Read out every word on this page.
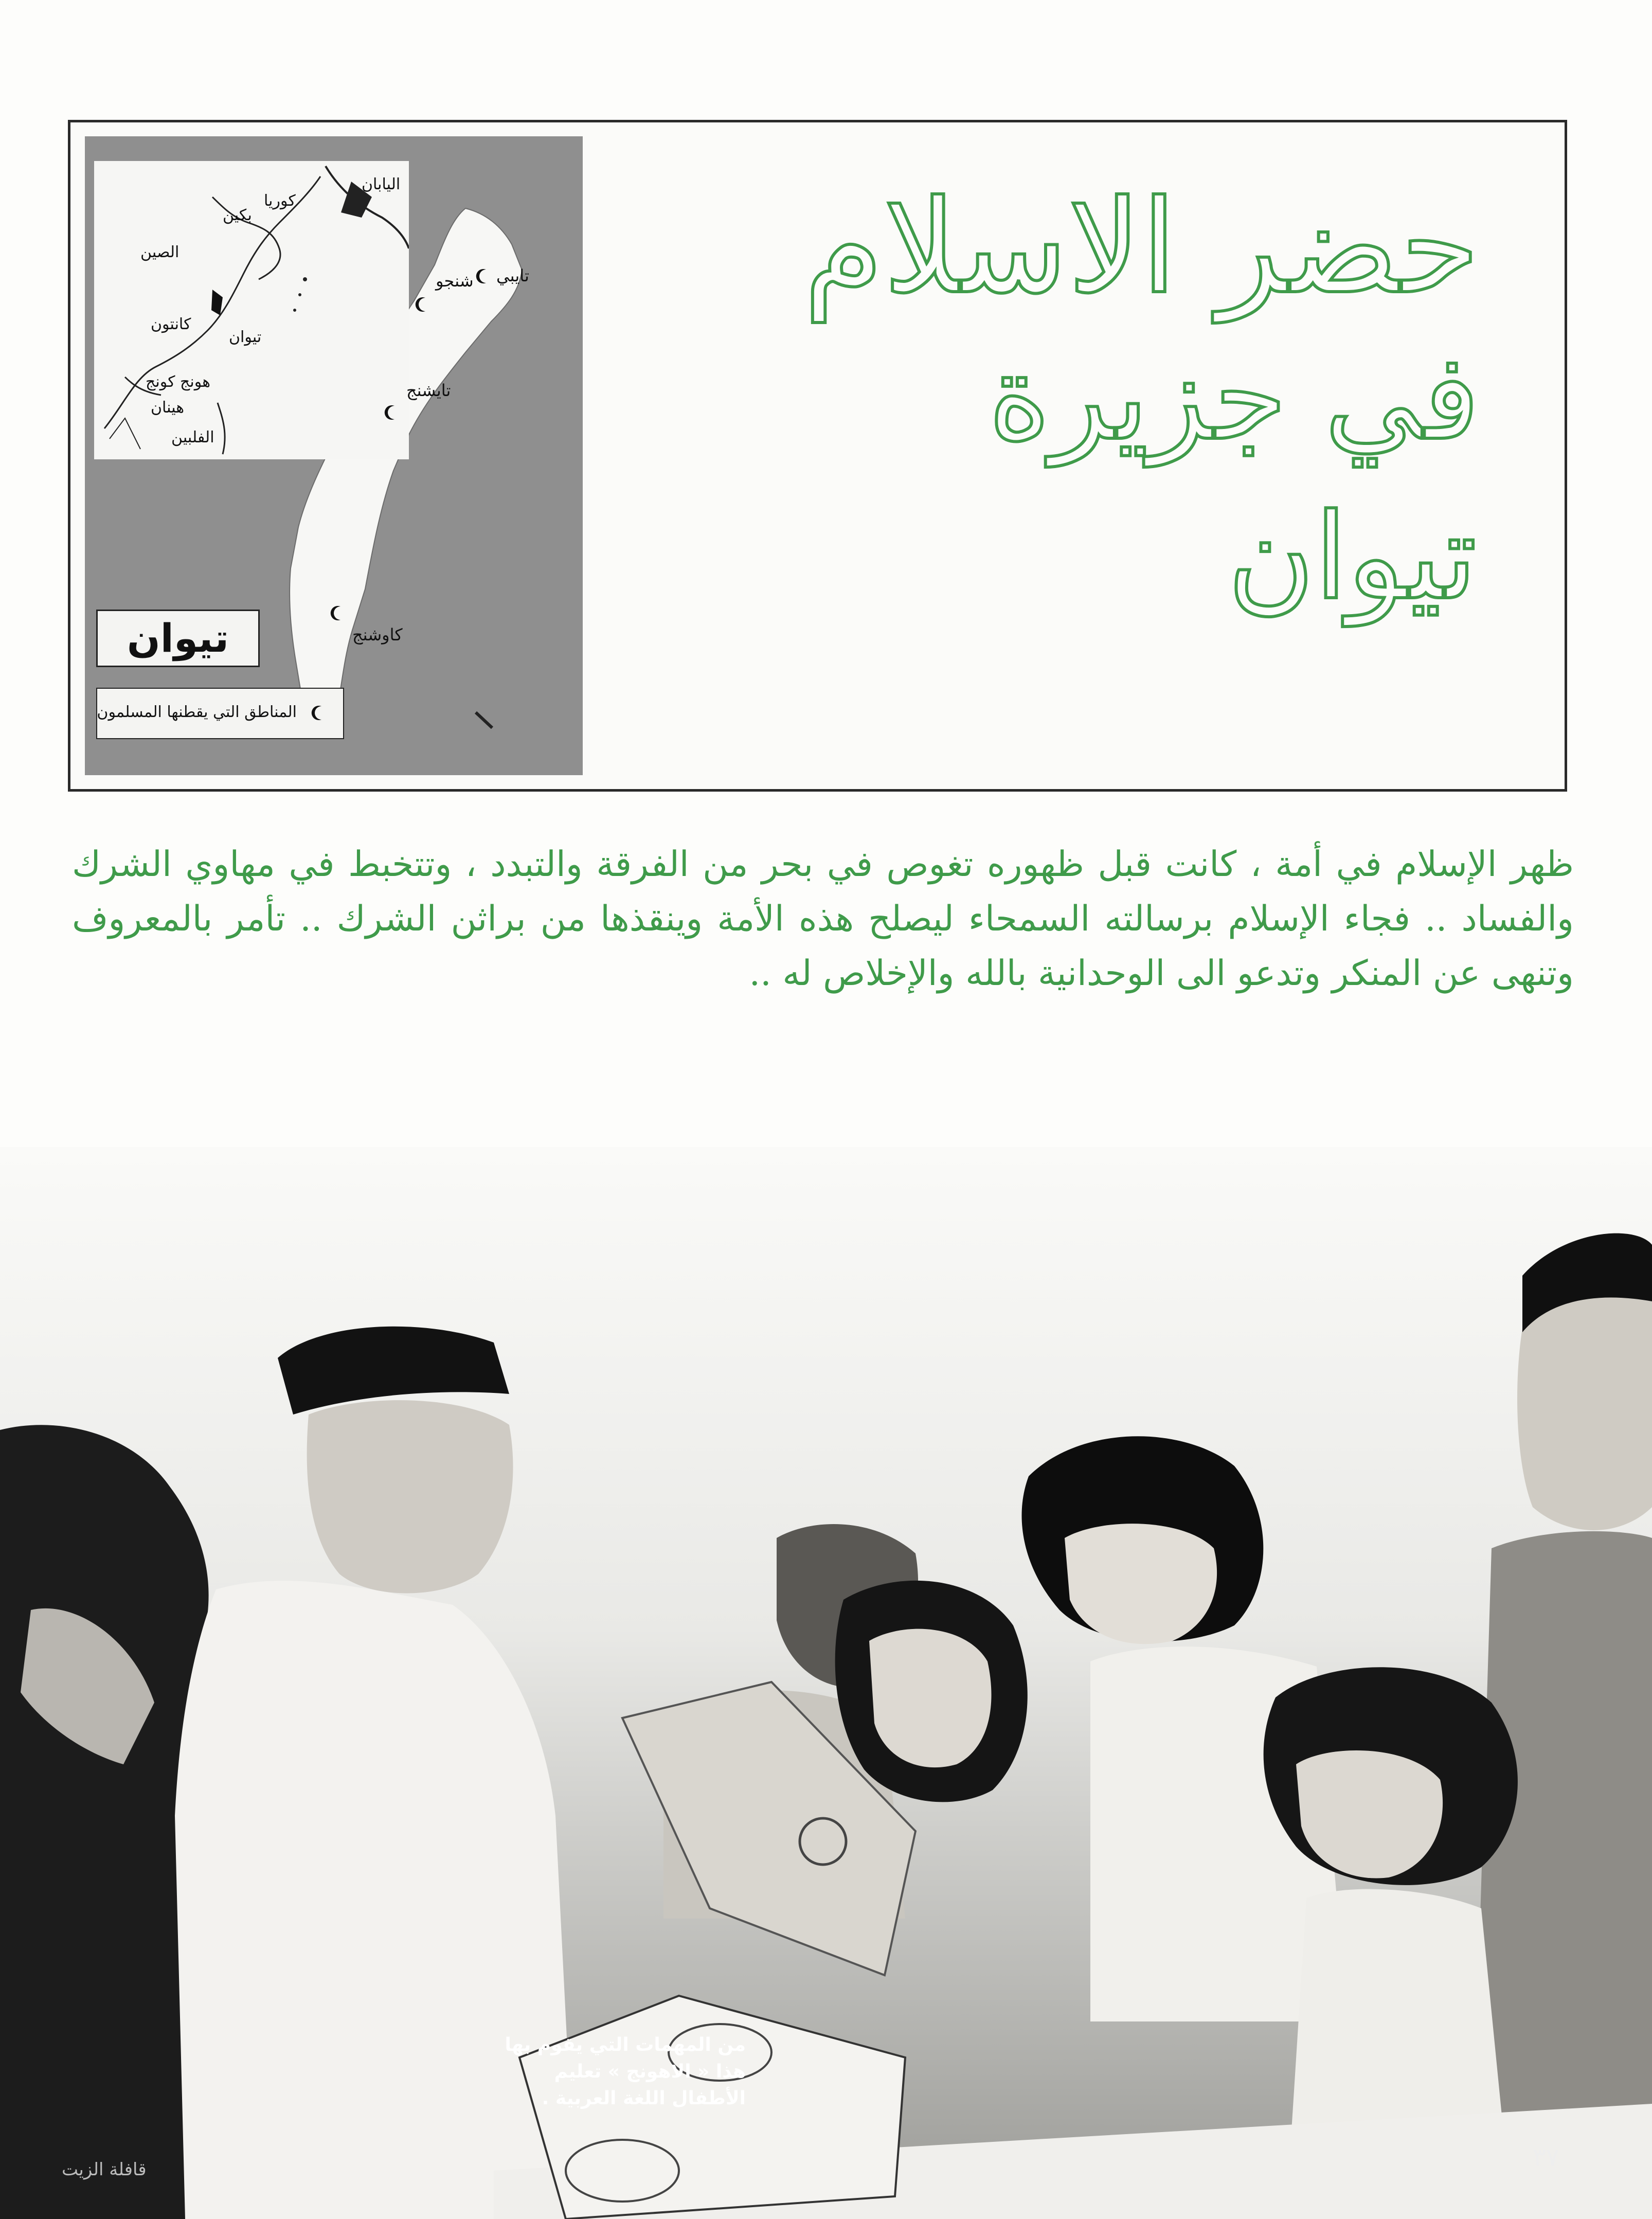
اليابان
كوريا
بكين
الصين
كانتون
تيوان
هونج كونج
هينان
الفلبين
تايبي
شنجو
تايشنج
كاوشنج
تيوان
المناطق التي يقطنها المسلمون
حضر الاسلام
في جزيرة
تيوان

ظهر الإسلام في أمة ، كانت قبل ظهوره تغوص في بحر من الفرقة والتبدد ، وتتخبط في مهاوي الشرك والفساد .. فجاء الإسلام برسالته السمحاء ليصلح هذه الأمة وينقذها من براثن الشرك .. تأمر بالمعروف وتنهى عن المنكر وتدعو الى الوحدانية بالله والإخلاص له ..

من المهمات التي يقوم بها هذا « الاهونج » تعليم الأطفال اللغة العربية .
٣٧
قافلة الزيت
